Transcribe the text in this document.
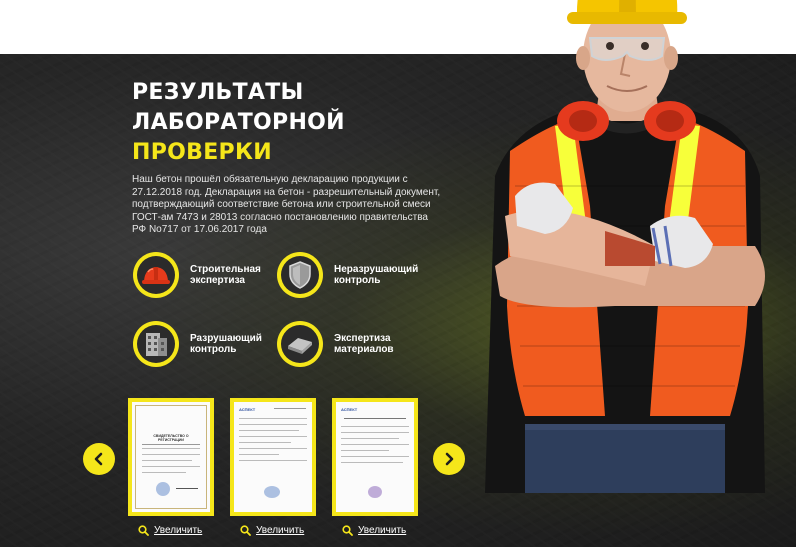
РЕЗУЛЬТАТЫ
ЛАБОРАТОРНОЙ
ПРОВЕРКИ

Наш бетон прошёл обязательную декларацию продукции с 27.12.2018 год. Декларация на бетон - разрешительный документ, подтверждающий соответствие бетона или строительной смеси ГОСТ-ам 7473 и 28013 согласно постановлению правительства РФ No717 от 17.06.2017 года

Строительная
экспертиза
Неразрушающий
контроль
Разрушающий
контроль
Экспертиза
материалов
СВИДЕТЕЛЬСТВО О РЕГИСТРАЦИИ
Увеличить
АСПЕКТ
Увеличить
АСПЕКТ
Увеличить
